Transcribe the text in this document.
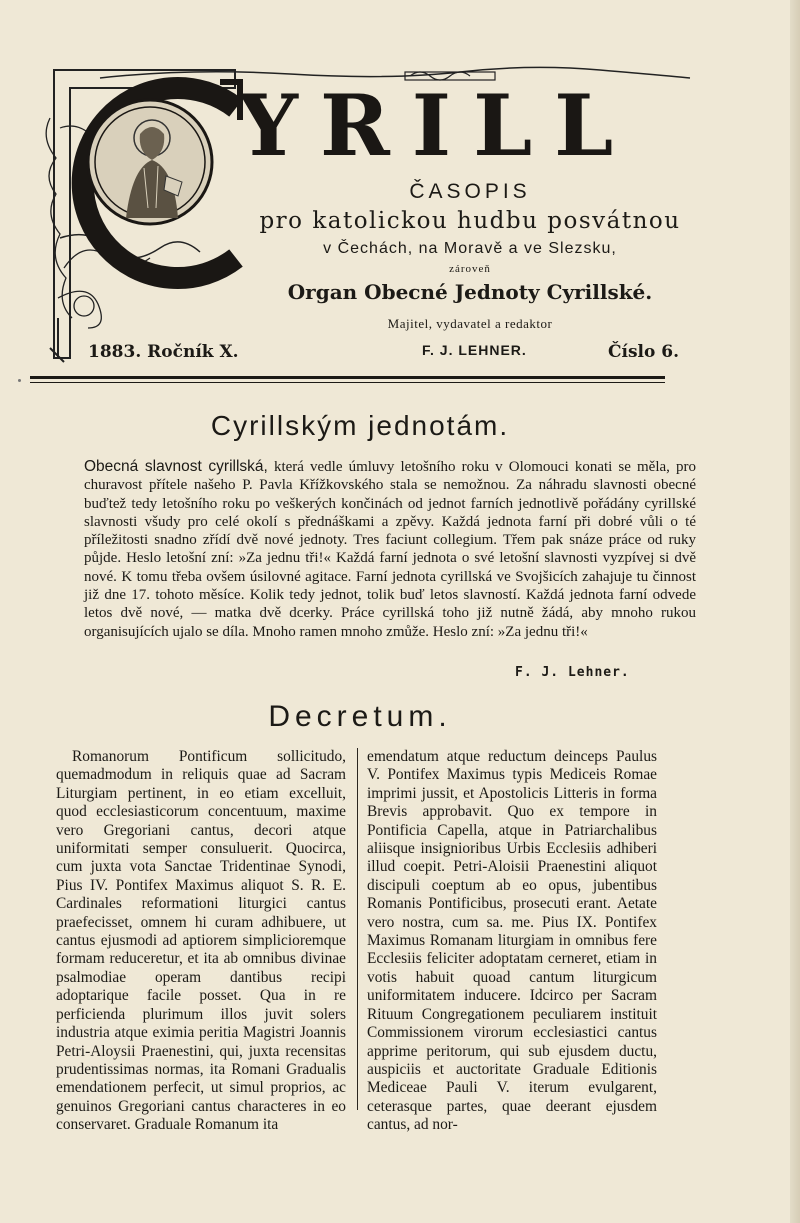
YRILL
ČASOPIS
pro katolickou hudbu posvátnou
v Čechách, na Moravě a ve Slezsku,
zároveň
Organ Obecné Jednoty Cyrillské.
Majitel, vydavatel a redaktor
1883. Ročník X.	F. J. LEHNER.	Číslo 6.
Cyrillským jednotám.

Obecná slavnost cyrillská, která vedle úmluvy letošního roku v Olomouci konati se měla, pro churavost přítele našeho P. Pavla Křížkovského stala se nemožnou. Za náhradu slavnosti obecné buďtež tedy letošního roku po veškerých končinách od jednot farních jednotlivě pořádány cyrillské slavnosti všudy pro celé okolí s přednáškami a zpěvy. Každá jednota farní při dobré vůli o té příležitosti snadno zřídí dvě nové jednoty. Tres faciunt collegium. Třem pak snáze práce od ruky půjde. Heslo letošní zní: »Za jednu tři!« Každá farní jednota o své letošní slavnosti vyzpívej si dvě nové. K tomu třeba ovšem úsilovné agitace. Farní jednota cyrillská ve Svojšicích zahajuje tu činnost již dne 17. tohoto měsíce. Kolik tedy jednot, tolik buď letos slavností. Každá jednota farní odvede letos dvě nové, — matka dvě dcerky. Práce cyrillská toho již nutně žádá, aby mnoho rukou organisujících ujalo se díla. Mnoho ramen mnoho zmůže. Heslo zní: »Za jednu tři!«

F. J. Lehner.
Decretum.

Romanorum Pontificum sollicitudo, quemadmodum in reliquis quae ad Sacram Liturgiam pertinent, in eo etiam excelluit, quod ecclesiasticorum concentuum, maxime vero Gregoriani cantus, decori atque uniformitati semper consuluerit. Quocirca, cum juxta vota Sanctae Tridentinae Synodi, Pius IV. Pontifex Maximus aliquot S. R. E. Cardinales reformationi liturgici cantus praefecisset, omnem hi curam adhibuere, ut cantus ejusmodi ad aptiorem simplicioremque formam reduceretur, et ita ab omnibus divinae psalmodiae operam dantibus recipi adoptarique facile posset. Qua in re perficienda plurimum illos juvit solers industria atque eximia peritia Magistri Joannis Petri-Aloysii Praenestini, qui, juxta recensitas prudentissimas normas, ita Romani Gradualis emendationem perfecit, ut simul proprios, ac genuinos Gregoriani cantus characteres in eo conservaret. Graduale Romanum ita

emendatum atque reductum deinceps Paulus V. Pontifex Maximus typis Mediceis Romae imprimi jussit, et Apostolicis Litteris in forma Brevis approbavit. Quo ex tempore in Pontificia Capella, atque in Patriarchalibus aliisque insignioribus Urbis Ecclesiis adhiberi illud coepit. Petri-Aloisii Praenestini aliquot discipuli coeptum ab eo opus, jubentibus Romanis Pontificibus, prosecuti erant. Aetate vero nostra, cum sa. me. Pius IX. Pontifex Maximus Romanam liturgiam in omnibus fere Ecclesiis feliciter adoptatam cerneret, etiam in votis habuit quoad cantum liturgicum uniformitatem inducere. Idcirco per Sacram Rituum Congregationem peculiarem instituit Commissionem virorum ecclesiastici cantus apprime peritorum, qui sub ejusdem ductu, auspiciis et auctoritate Graduale Editionis Mediceae Pauli V. iterum evulgarent, ceterasque partes, quae deerant ejusdem cantus, ad nor-
